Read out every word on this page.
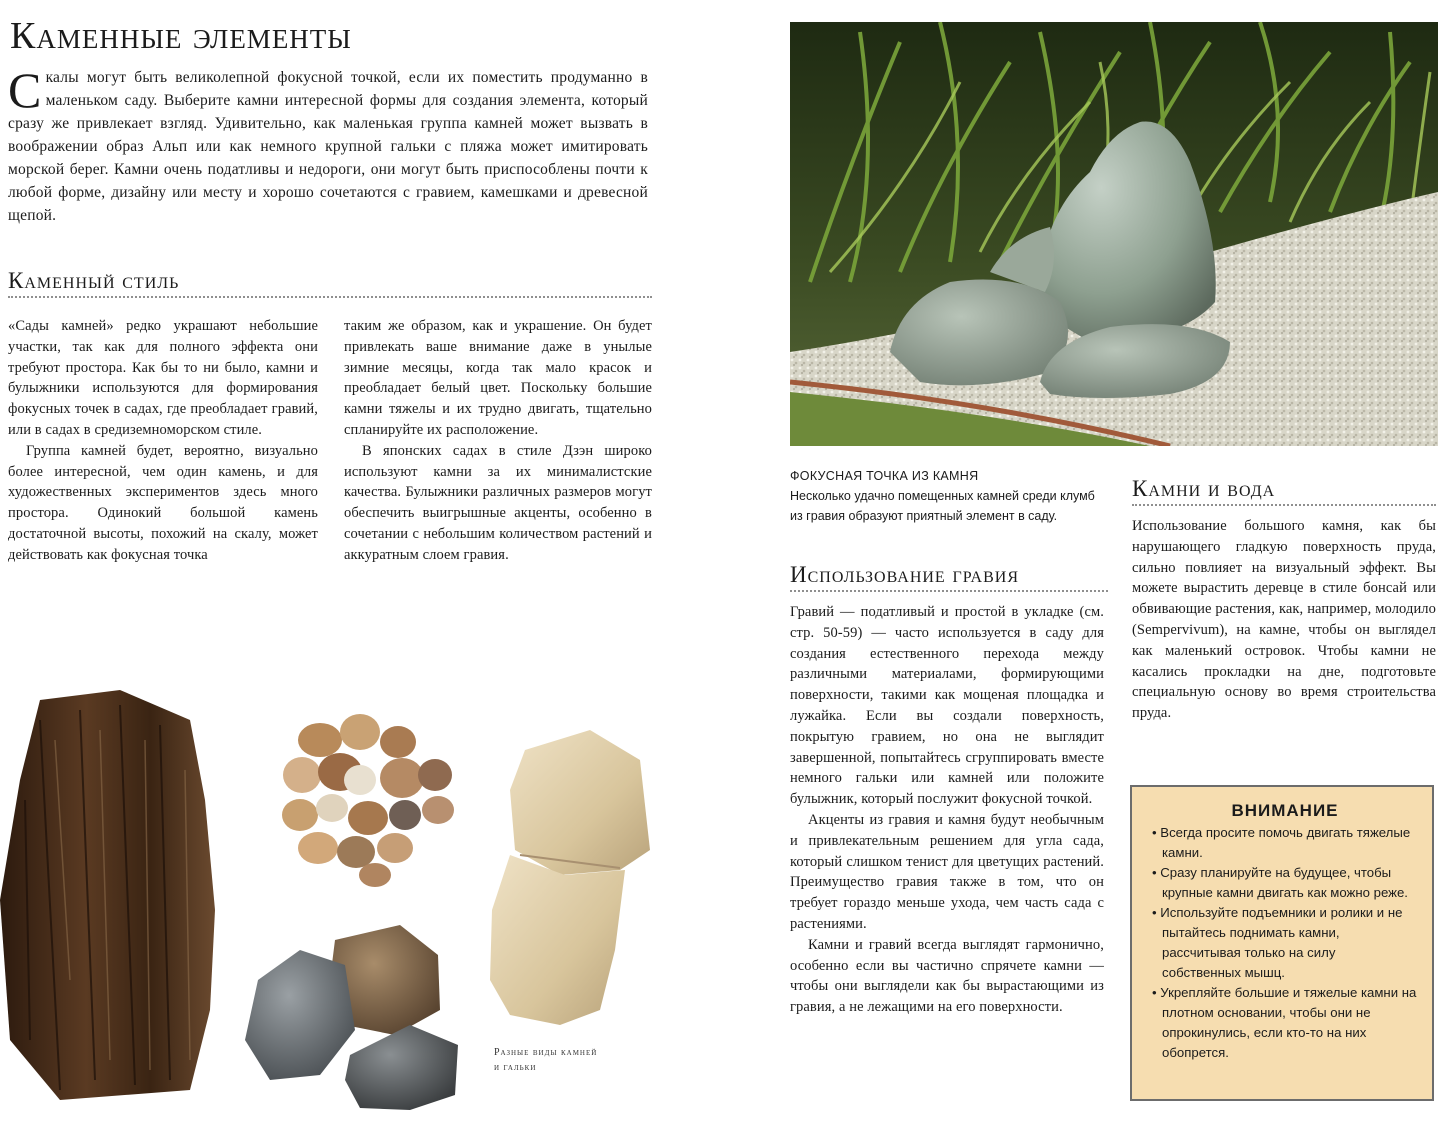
Каменные элементы
Скалы могут быть великолепной фокусной точкой, если их поместить продуманно в маленьком саду. Выберите камни интересной формы для создания элемента, который сразу же привлекает взгляд. Удивительно, как маленькая группа камней может вызвать в воображении образ Альп или как немного крупной гальки с пляжа может имитировать морской берег. Камни очень податливы и недороги, они могут быть приспособлены почти к любой форме, дизайну или месту и хорошо сочетаются с гравием, камешками и древесной щепой.
Каменный стиль

«Сады камней» редко украшают небольшие участки, так как для полного эффекта они требуют простора. Как бы то ни было, камни и булыжники используются для формирования фокусных точек в садах, где преобладает гравий, или в садах в средиземноморском стиле.

Группа камней будет, вероятно, визуально более интересной, чем один камень, и для художественных экспериментов здесь много простора. Одинокий большой камень достаточной высоты, похожий на скалу, может действовать как фокусная точка

таким же образом, как и украшение. Он будет привлекать ваше внимание даже в унылые зимние месяцы, когда так мало красок и преобладает белый цвет. Поскольку большие камни тяжелы и их трудно двигать, тщательно спланируйте их расположение.

В японских садах в стиле Дзэн широко используют камни за их минималистские качества. Булыжники различных размеров могут обеспечить выигрышные акценты, особенно в сочетании с небольшим количеством растений и аккуратным слоем гравия.

Разные виды камней
и гальки
ФОКУСНАЯ ТОЧКА ИЗ КАМНЯ
Несколько удачно помещенных камней среди клумб из гравия образуют приятный элемент в саду.
Использование гравия

Гравий — податливый и простой в укладке (см. стр. 50-59) — часто используется в саду для создания естественного перехода между различными материалами, формирующими поверхности, такими как мощеная площадка и лужайка. Если вы создали поверхность, покрытую гравием, но она не выглядит завершенной, попытайтесь сгруппировать вместе немного гальки или камней или положите булыжник, который послужит фокусной точкой.

Акценты из гравия и камня будут необычным и привлекательным решением для угла сада, который слишком тенист для цветущих растений. Преимущество гравия также в том, что он требует гораздо меньше ухода, чем часть сада с растениями.

Камни и гравий всегда выглядят гармонично, особенно если вы частично спрячете камни — чтобы они выглядели как бы вырастающими из гравия, а не лежащими на его поверхности.

Камни и вода

Использование большого камня, как бы нарушающего гладкую поверхность пруда, сильно повлияет на визуальный эффект. Вы можете вырастить деревце в стиле бонсай или обвивающие растения, как, например, молодило (Sempervivum), на камне, чтобы он выглядел как маленький островок. Чтобы камни не касались прокладки на дне, подготовьте специальную основу во время строительства пруда.

ВНИМАНИЕ
• Всегда просите помочь двигать тяжелые камни.
• Сразу планируйте на будущее, чтобы крупные камни двигать как можно реже.
• Используйте подъемники и ролики и не пытайтесь поднимать камни, рассчитывая только на силу собственных мышц.
• Укрепляйте большие и тяжелые камни на плотном основании, чтобы они не опрокинулись, если кто-то на них обопрется.
